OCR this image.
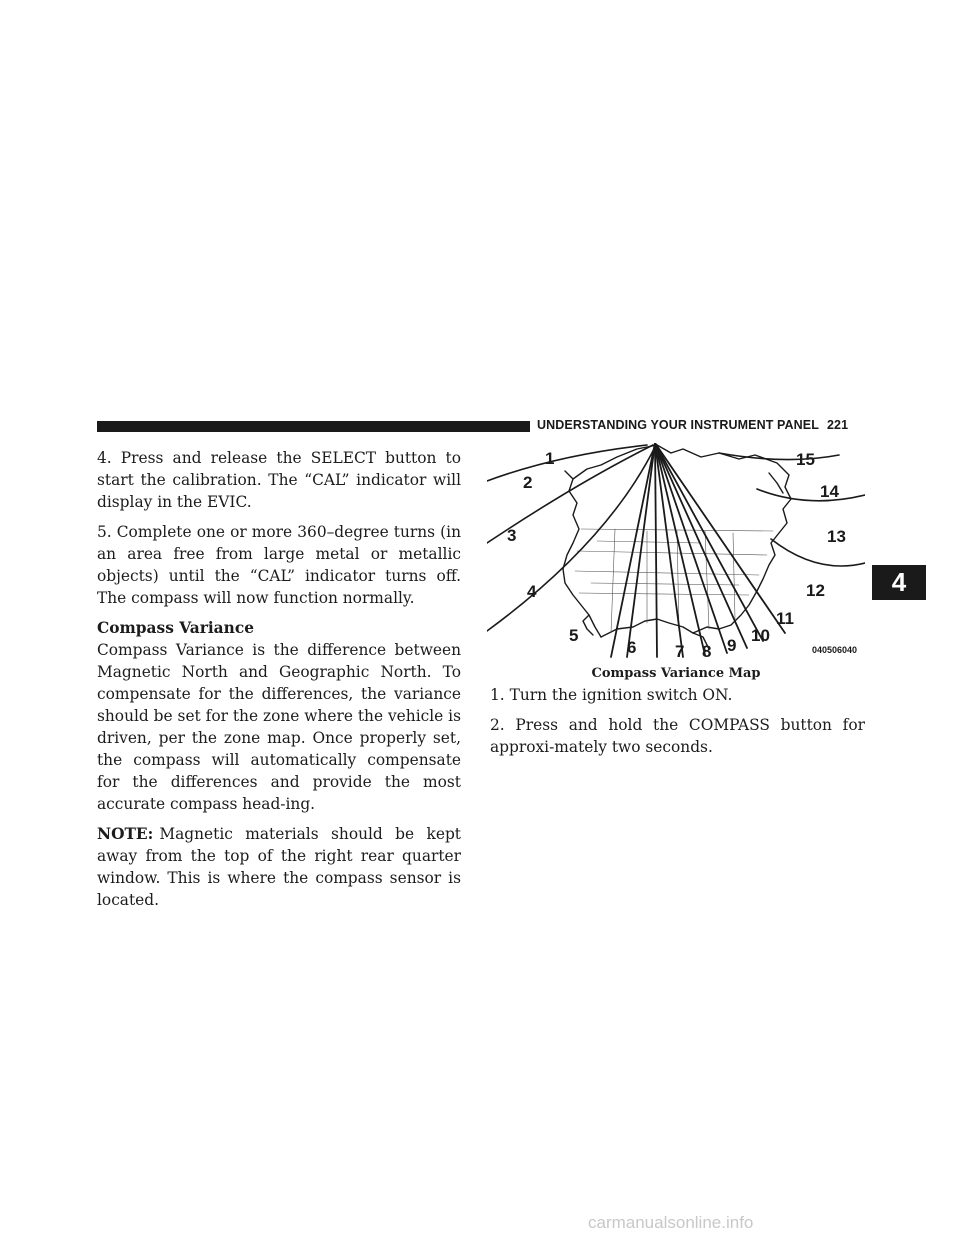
UNDERSTANDING YOUR INSTRUMENT PANEL 221

4. Press and release the SELECT button to start the calibration. The “CAL” indicator will display in the EVIC.

5. Complete one or more 360–degree turns (in an area free from large metal or metallic objects) until the “CAL” indicator turns off. The compass will now function normally.

Compass Variance

Compass Variance is the difference between Magnetic North and Geographic North. To compensate for the differences, the variance should be set for the zone where the vehicle is driven, per the zone map. Once properly set, the compass will automatically compensate for the differences and provide the most accurate compass head-ing.

NOTE: Magnetic materials should be kept away from the top of the right rear quarter window. This is where the compass sensor is located.

1
2
3
4
5
6 7 8 9
10
11
12
13
14
15
040506040
Compass Variance Map

1. Turn the ignition switch ON.

2. Press and hold the COMPASS button for approxi-mately two seconds.

4
carmanualsonline.info
